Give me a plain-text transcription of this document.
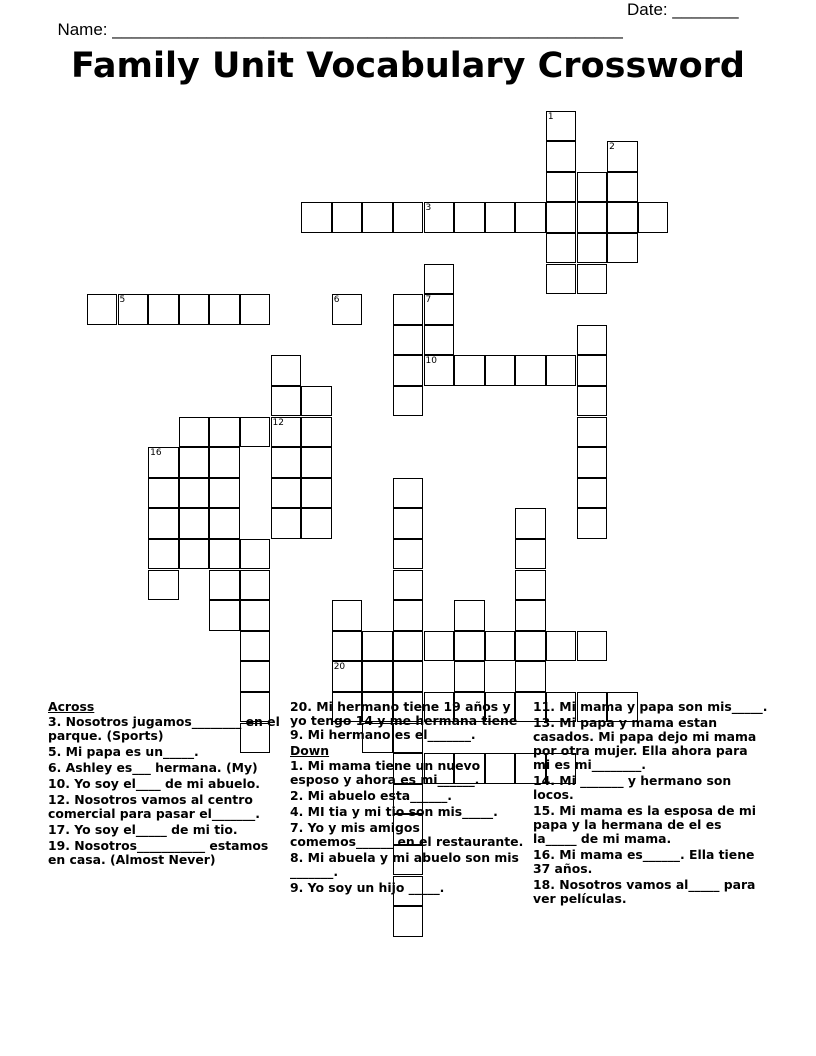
Name: ______________________________________________________

Date: _______

Family Unit Vocabulary Crossword
1
2
3
7
10
5	6
12
16
20
Across
3. Nosotros jugamos________ en el parque. (Sports)
5. Mi papa es un_____.
6. Ashley es___ hermana. (My)
10. Yo soy el____ de mi abuelo.
12. Nosotros vamos al centro comercial para pasar el_______.
17. Yo soy el_____ de mi tio.
19. Nosotros___________ estamos en casa. (Almost Never)
20. Mi hermano tiene 19 años y yo tengo 14 y me hermana tiene 9. Mi hermano es el_______.
Down
1. Mi mama tiene un nuevo esposo y ahora es mi______.
2. Mi abuelo esta______.
4. MI tia y mi tio son mis_____.
7. Yo y mis amigos comemos______ en el restaurante.
8. Mi abuela y mi abuelo son mis _______.
9. Yo soy un hijo _____.
11. Mi mama y papa son mis_____.
13. Mi papa y mama estan casados. Mi papa dejo mi mama por otra mujer. Ella ahora para mi es mi________.
14. Mi _______ y hermano son locos.
15. Mi mama es la esposa de mi papa y la hermana de el es la_____ de mi mama.
16. Mi mama es______. Ella tiene 37 años.
18. Nosotros vamos al_____ para ver películas.
